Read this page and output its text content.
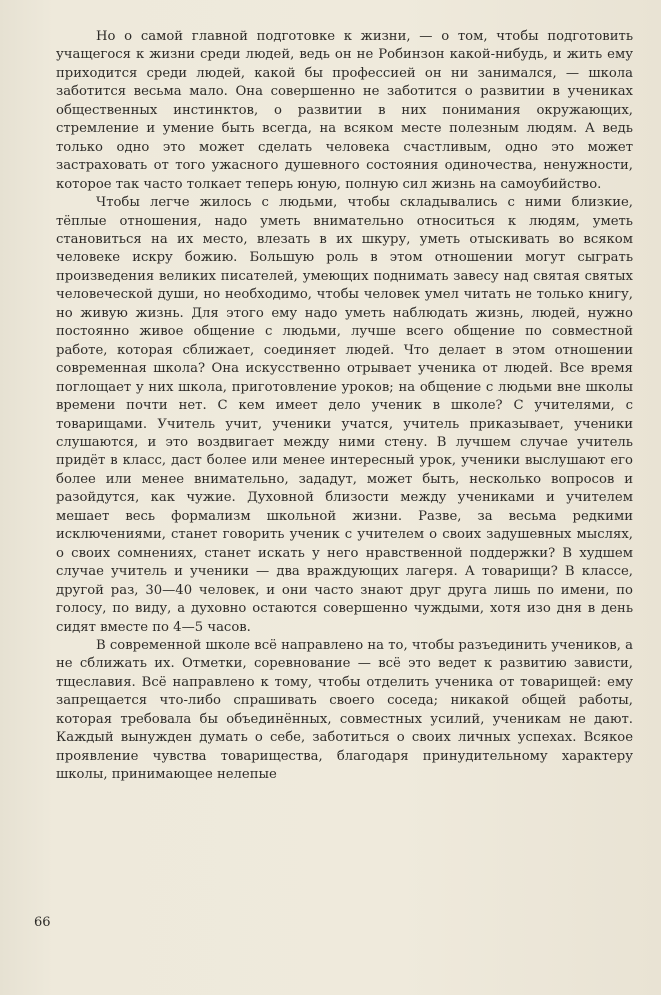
Но о самой главной подготовке к жизни, — о том, чтобы подготовить учащегося к жизни среди людей, ведь он не Робинзон какой-нибудь, и жить ему приходится среди людей, какой бы профессией он ни занимался, — школа заботится весьма мало. Она совершенно не заботится о развитии в учениках общественных инстинктов, о развитии в них понимания окружающих, стремление и умение быть всегда, на всяком месте полезным людям. А ведь только одно это может сделать человека счастливым, одно это может застраховать от того ужасного душевного состояния одиночества, ненужности, которое так часто толкает теперь юную, полную сил жизнь на самоубийство.

Чтобы легче жилось с людьми, чтобы складывались с ними близкие, тёплые отношения, надо уметь внимательно относиться к людям, уметь становиться на их место, влезать в их шкуру, уметь отыскивать во всяком человеке искру божию. Большую роль в этом отношении могут сыграть произведения великих писателей, умеющих поднимать завесу над святая святых человеческой души, но необходимо, чтобы человек умел читать не только книгу, но живую жизнь. Для этого ему надо уметь наблюдать жизнь, людей, нужно постоянно живое общение с людьми, лучше всего общение по совместной работе, которая сближает, соединяет людей. Что делает в этом отношении современная школа? Она искусственно отрывает ученика от людей. Все время поглощает у них школа, приготовление уроков; на общение с людьми вне школы времени почти нет. С кем имеет дело ученик в школе? С учителями, с товарищами. Учитель учит, ученики учатся, учитель приказывает, ученики слушаются, и это воздвигает между ними стену. В лучшем случае учитель придёт в класс, даст более или менее интересный урок, ученики выслушают его более или менее внимательно, зададут, может быть, несколько вопросов и разойдутся, как чужие. Духовной близости между учениками и учителем мешает весь формализм школьной жизни. Разве, за весьма редкими исключениями, станет говорить ученик с учителем о своих задушевных мыслях, о своих сомнениях, станет искать у него нравственной поддержки? В худшем случае учитель и ученики — два враждующих лагеря. А товарищи? В классе, другой раз, 30—40 человек, и они часто знают друг друга лишь по имени, по голосу, по виду, а духовно остаются совершенно чуждыми, хотя изо дня в день сидят вместе по 4—5 часов.

В современной школе всё направлено на то, чтобы разъединить учеников, а не сближать их. Отметки, соревнование — всё это ведет к развитию зависти, тщеславия. Всё направлено к тому, чтобы отделить ученика от товарищей: ему запрещается что-либо спрашивать своего соседа; никакой общей работы, которая требовала бы объединённых, совместных усилий, ученикам не дают. Каждый вынужден думать о себе, заботиться о своих личных успехах. Всякое проявление чувства товарищества, благодаря принудительному характеру школы, принимающее нелепые

66
